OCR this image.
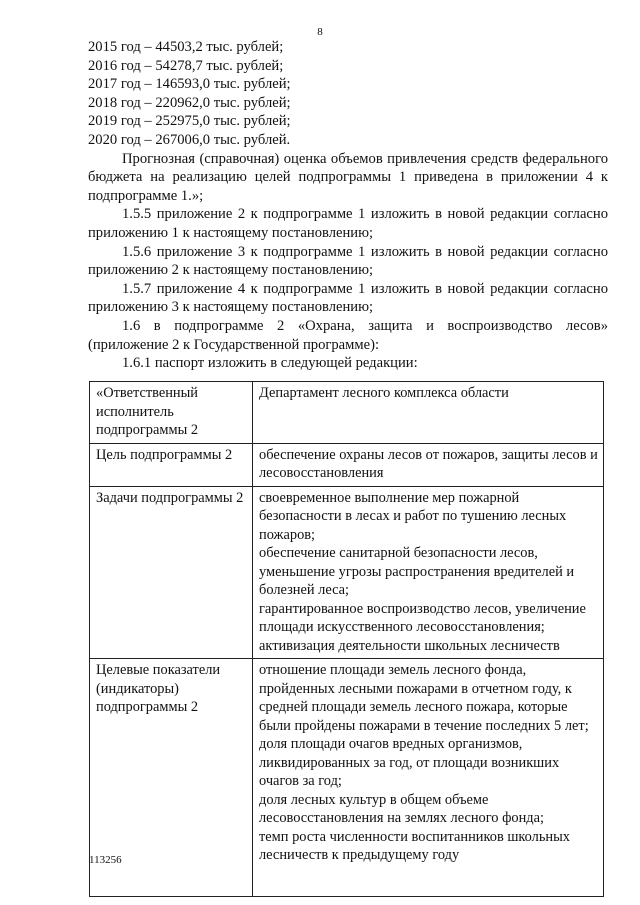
8
2015 год – 44503,2 тыс. рублей;
2016 год – 54278,7 тыс. рублей;
2017 год – 146593,0 тыс. рублей;
2018 год – 220962,0 тыс. рублей;
2019 год – 252975,0 тыс. рублей;
2020 год – 267006,0 тыс. рублей.
Прогнозная (справочная) оценка объемов привлечения средств федерального бюджета на реализацию целей подпрограммы 1 приведена в приложении 4 к подпрограмме 1.»;
1.5.5 приложение 2 к подпрограмме 1 изложить в новой редакции согласно приложению 1 к настоящему постановлению;
1.5.6 приложение 3 к подпрограмме 1 изложить в новой редакции согласно приложению 2 к настоящему постановлению;
1.5.7 приложение 4 к подпрограмме 1 изложить в новой редакции согласно приложению 3 к настоящему постановлению;
1.6 в подпрограмме 2 «Охрана, защита и воспроизводство лесов» (приложение 2 к Государственной программе):
1.6.1 паспорт изложить в следующей редакции:
«Ответственный исполнитель подпрограммы 2	Департамент лесного комплекса области

Цель подпрограммы 2	обеспечение охраны лесов от пожаров, защиты лесов и лесовосстановления

Задачи подпрограммы 2	своевременное выполнение мер пожарной безопасности в лесах и работ по тушению лесных пожаров;
обеспечение санитарной безопасности лесов, уменьшение угрозы распространения вредителей и болезней леса;
гарантированное воспроизводство лесов, увеличение площади искусственного лесовосстановления;
активизация деятельности школьных лесничеств

Целевые показатели (индикаторы) подпрограммы 2	отношение площади земель лесного фонда, пройденных лесными пожарами в отчетном году, к средней площади земель лесного пожара, которые были пройдены пожарами в течение последних 5 лет;
доля площади очагов вредных организмов, ликвидированных за год, от площади возникших очагов за год;
доля лесных культур в общем объеме лесовосстановления на землях лесного фонда;
темп роста численности воспитанников школьных лесничеств к предыдущему году
113256
